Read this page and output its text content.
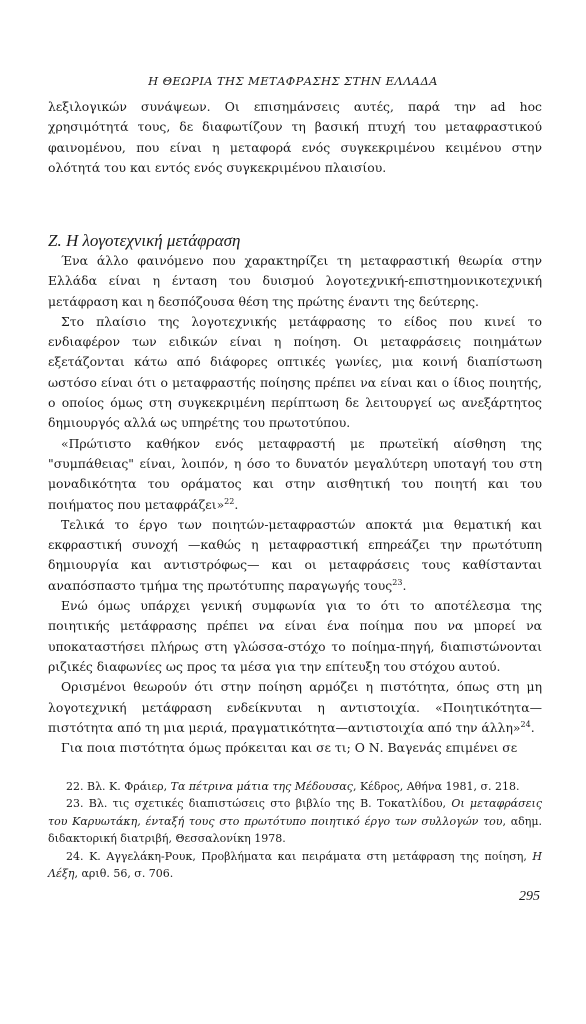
Η ΘΕΩΡΙΑ ΤΗΣ ΜΕΤΑΦΡΑΣΗΣ ΣΤΗΝ ΕΛΛΑΔΑ

λεξιλογικών συνάψεων. Οι επισημάνσεις αυτές, παρά την ad hoc χρησιμότητά τους, δε διαφωτίζουν τη βασική πτυχή του μεταφραστικού φαινομένου, που είναι η μεταφορά ενός συγκεκριμένου κειμένου στην ολότητά του και εντός ενός συγκεκριμένου πλαισίου.

Ζ. Η λογοτεχνική μετάφραση

Ένα άλλο φαινόμενο που χαρακτηρίζει τη μεταφραστική θεωρία στην Ελλάδα είναι η ένταση του δυισμού λογοτεχνική-επιστημονικοτεχνική μετάφραση και η δεσπόζουσα θέση της πρώτης έναντι της δεύτερης.

Στο πλαίσιο της λογοτεχνικής μετάφρασης το είδος που κινεί το ενδιαφέρον των ειδικών είναι η ποίηση. Οι μεταφράσεις ποιημάτων εξετάζονται κάτω από διάφορες οπτικές γωνίες, μια κοινή διαπίστωση ωστόσο είναι ότι ο μεταφραστής ποίησης πρέπει να είναι και ο ίδιος ποιητής, ο οποίος όμως στη συγκεκριμένη περίπτωση δε λειτουργεί ως ανεξάρτητος δημιουργός αλλά ως υπηρέτης του πρωτοτύπου.

«Πρώτιστο καθήκον ενός μεταφραστή με πρωτεϊκή αίσθηση της "συμπάθειας" είναι, λοιπόν, η όσο το δυνατόν μεγαλύτερη υποταγή του στη μοναδικότητα του οράματος και στην αισθητική του ποιητή και του ποιήματος που μεταφράζει»$^{22}$.

Τελικά το έργο των ποιητών-μεταφραστών αποκτά μια θεματική και εκφραστική συνοχή —καθώς η μεταφραστική επηρεάζει την πρωτότυπη δημιουργία και αντιστρόφως— και οι μεταφράσεις τους καθίστανται αναπόσπαστο τμήμα της πρωτότυπης παραγωγής τους$^{23}$.

Ενώ όμως υπάρχει γενική συμφωνία για το ότι το αποτέλεσμα της ποιητικής μετάφρασης πρέπει να είναι ένα ποίημα που να μπορεί να υποκαταστήσει πλήρως στη γλώσσα-στόχο το ποίημα-πηγή, διαπιστώνονται ριζικές διαφωνίες ως προς τα μέσα για την επίτευξη του στόχου αυτού.

Ορισμένοι θεωρούν ότι στην ποίηση αρμόζει η πιστότητα, όπως στη μη λογοτεχνική μετάφραση ενδείκνυται η αντιστοιχία. «Ποιητικότητα—πιστότητα από τη μια μεριά, πραγματικότητα—αντιστοιχία από την άλλη»$^{24}$.

Για ποια πιστότητα όμως πρόκειται και σε τι; Ο Ν. Βαγενάς επιμένει σε

22. Βλ. Κ. Φράιερ, Τα πέτρινα μάτια της Μέδουσας, Κέδρος, Αθήνα 1981, σ. 218.

23. Βλ. τις σχετικές διαπιστώσεις στο βιβλίο της Β. Τοκατλίδου, Οι μεταφράσεις του Καρυωτάκη, ένταξή τους στο πρωτότυπο ποιητικό έργο των συλλογών του, αδημ. διδακτορική διατριβή, Θεσσαλονίκη 1978.

24. Κ. Αγγελάκη-Ρουκ, Προβλήματα και πειράματα στη μετάφραση της ποίηση, Η Λέξη, αριθ. 56, σ. 706.

295
